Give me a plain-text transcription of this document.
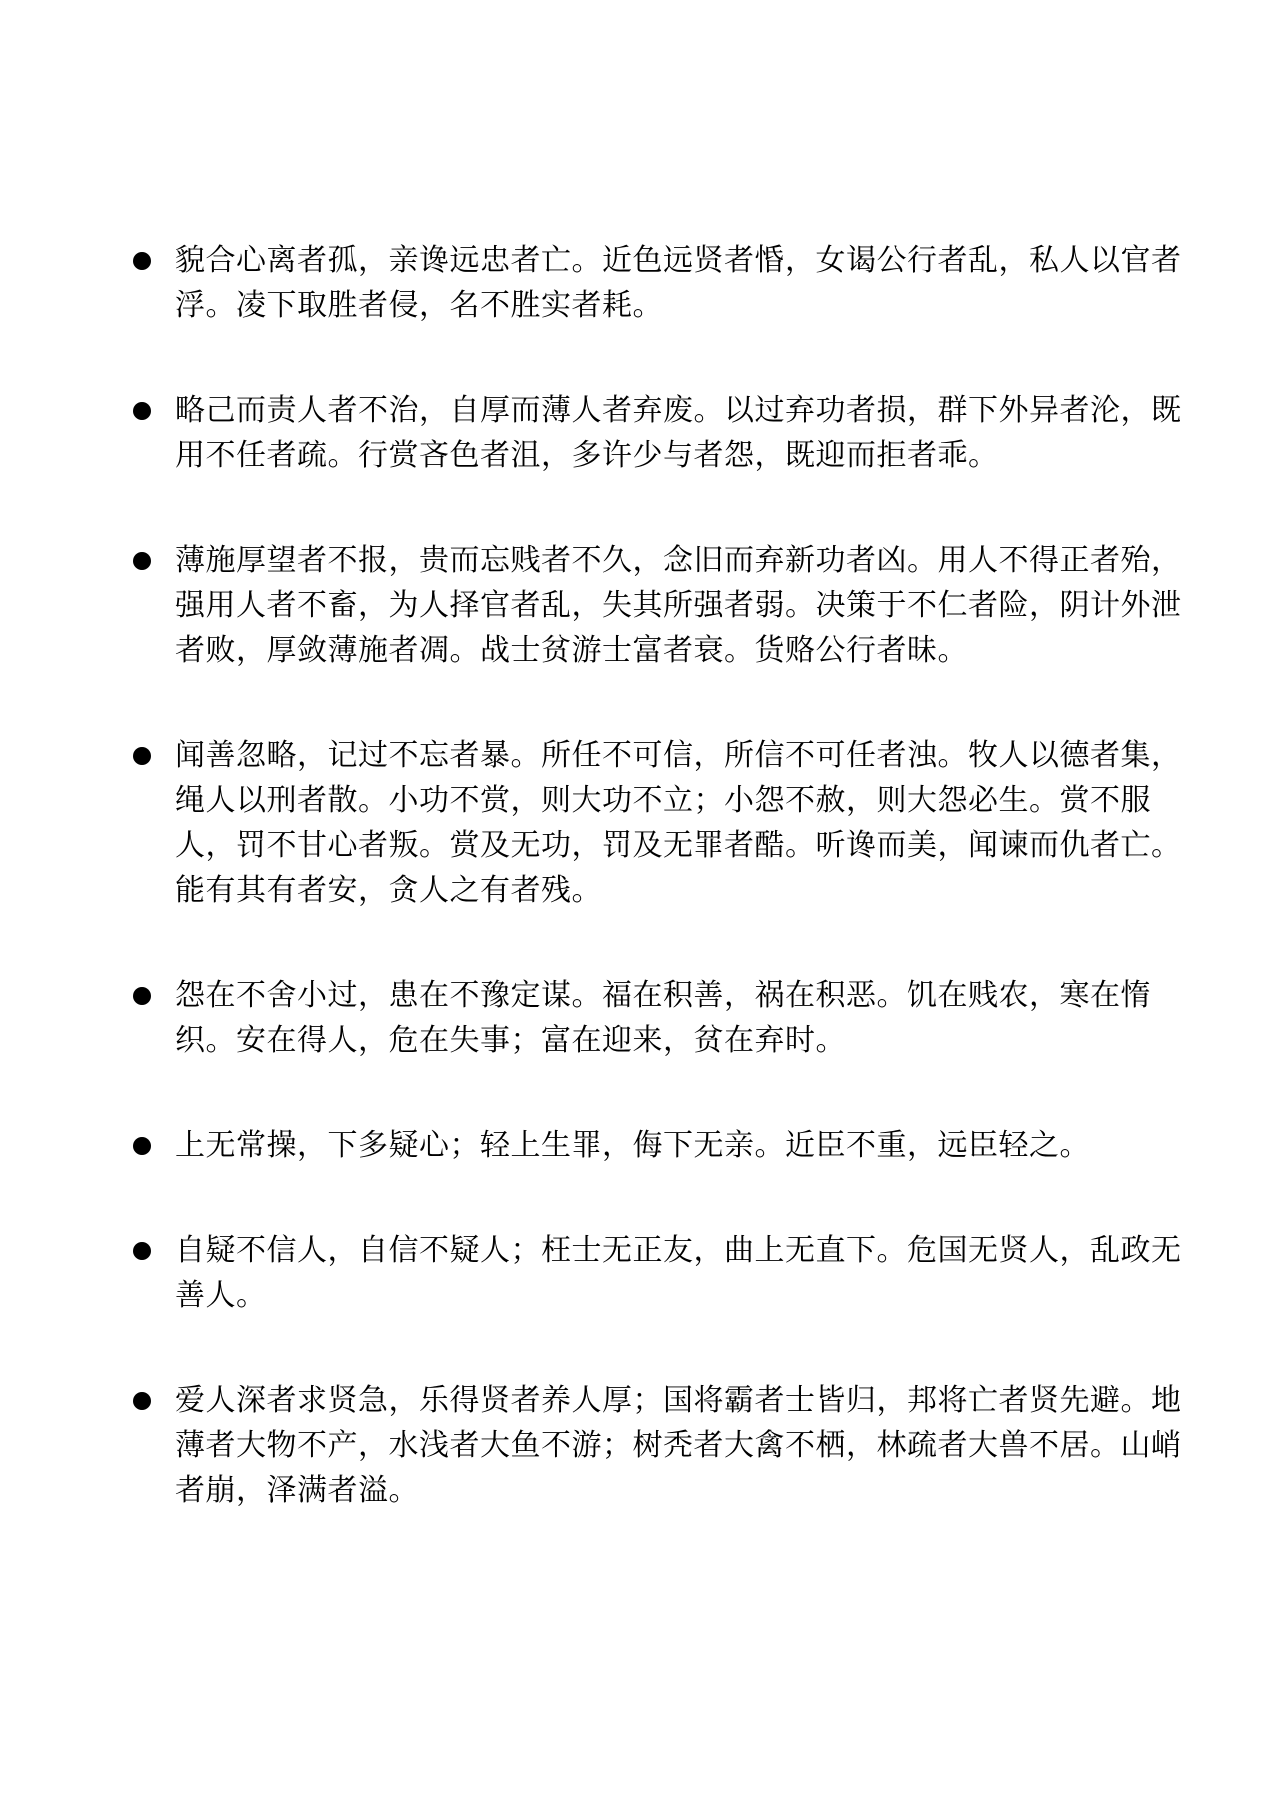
貌合心离者孤，亲谗远忠者亡。近色远贤者惛，女谒公行者乱，私人以官者浮。凌下取胜者侵，名不胜实者耗。
略己而责人者不治，自厚而薄人者弃废。以过弃功者损，群下外异者沦，既用不任者疏。行赏吝色者沮，多许少与者怨，既迎而拒者乖。
薄施厚望者不报，贵而忘贱者不久，念旧而弃新功者凶。用人不得正者殆，强用人者不畜，为人择官者乱，失其所强者弱。决策于不仁者险，阴计外泄者败，厚敛薄施者凋。战士贫游士富者衰。货赂公行者昧。
闻善忽略，记过不忘者暴。所任不可信，所信不可任者浊。牧人以德者集，绳人以刑者散。小功不赏，则大功不立；小怨不赦，则大怨必生。赏不服人，罚不甘心者叛。赏及无功，罚及无罪者酷。听谗而美，闻谏而仇者亡。能有其有者安，贪人之有者残。
怨在不舍小过，患在不豫定谋。福在积善，祸在积恶。饥在贱农，寒在惰织。安在得人，危在失事；富在迎来，贫在弃时。
上无常操，下多疑心；轻上生罪，侮下无亲。近臣不重，远臣轻之。
自疑不信人，自信不疑人；枉士无正友，曲上无直下。危国无贤人，乱政无善人。
爱人深者求贤急，乐得贤者养人厚；国将霸者士皆归，邦将亡者贤先避。地薄者大物不产，水浅者大鱼不游；树秃者大禽不栖，林疏者大兽不居。山峭者崩，泽满者溢。
